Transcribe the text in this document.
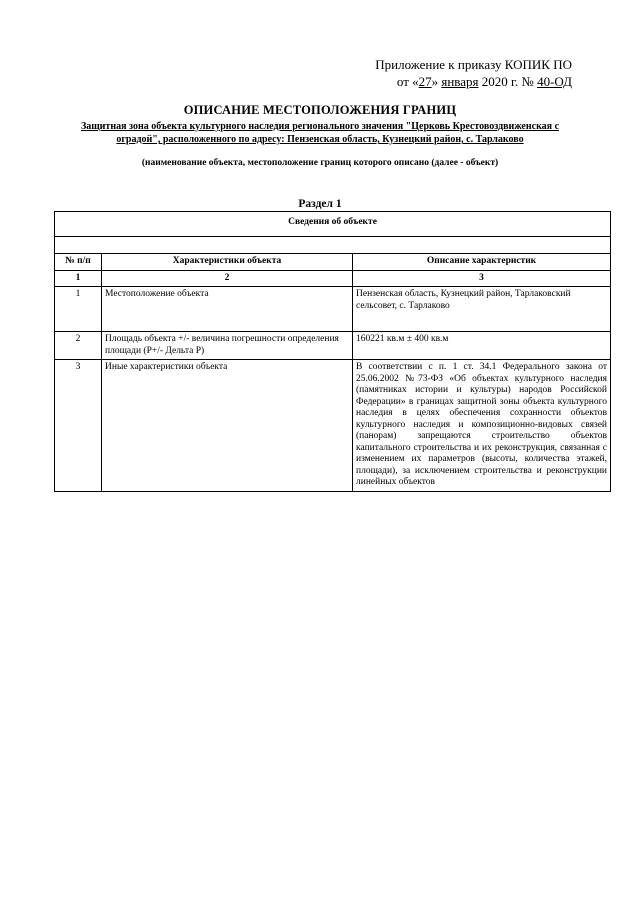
Приложение к приказу КОПИК ПО
от «27» января 2020 г. № 40-ОД
ОПИСАНИЕ МЕСТОПОЛОЖЕНИЯ ГРАНИЦ
Защитная зона объекта культурного наследия регионального значения "Церковь Крестовоздвиженская с оградой", расположенного по адресу: Пензенская область, Кузнецкий район, с. Тарлаково
(наименование объекта, местоположение границ которого описано (далее - объект)
Раздел 1
Сведения об объекте		

№ п/п	Характеристики объекта	Описание характеристик
1	2	3
1	Местоположение объекта	Пензенская область, Кузнецкий район, Тарлаковский сельсовет, с. Тарлаково
2	Площадь объекта +/- величина погрешности определения площади (Р+/- Дельта Р)	160221 кв.м ± 400 кв.м
3	Иные характеристики объекта	В соответствии с п. 1 ст. 34.1 Федерального закона от 25.06.2002 №73-ФЗ «Об объектах культурного наследия (памятниках истории и культуры) народов Российской Федерации» в границах защитной зоны объекта культурного наследия в целях обеспечения сохранности объектов культурного наследия и композиционно-видовых связей (панорам) запрещаются строительство объектов капитального строительства и их реконструкция, связанная с изменением их параметров (высоты, количества этажей, площади), за исключением строительства и реконструкции линейных объектов
